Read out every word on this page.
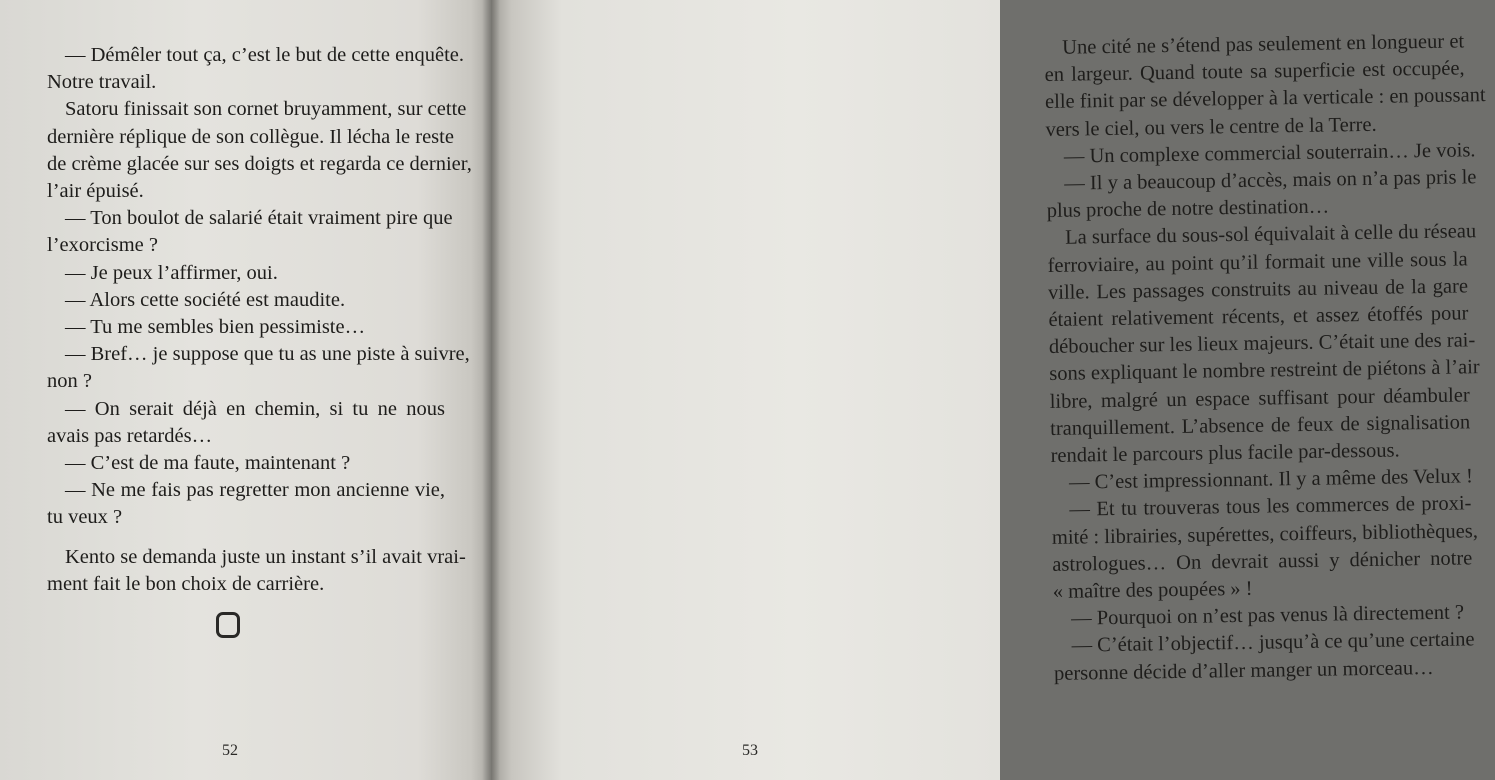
— Démêler tout ça, c’est le but de cette enquête.
Notre travail.
Satoru finissait son cornet bruyamment, sur cette
dernière réplique de son collègue. Il lécha le reste
de crème glacée sur ses doigts et regarda ce dernier,
l’air épuisé.
— Ton boulot de salarié était vraiment pire que
l’exorcisme ?
— Je peux l’affirmer, oui.
— Alors cette société est maudite.
— Tu me sembles bien pessimiste…
— Bref… je suppose que tu as une piste à suivre,
non ?
— On serait déjà en chemin, si tu ne nous
avais pas retardés…
— C’est de ma faute, maintenant ?
— Ne me fais pas regretter mon ancienne vie,
tu veux ?
Kento se demanda juste un instant s’il avait vrai-
ment fait le bon choix de carrière.
52
Une cité ne s’étend pas seulement en longueur et
en largeur. Quand toute sa superficie est occupée,
elle finit par se développer à la verticale : en poussant
vers le ciel, ou vers le centre de la Terre.
— Un complexe commercial souterrain… Je vois.
— Il y a beaucoup d’accès, mais on n’a pas pris le
plus proche de notre destination…
La surface du sous-sol équivalait à celle du réseau
ferroviaire, au point qu’il formait une ville sous la
ville. Les passages construits au niveau de la gare
étaient relativement récents, et assez étoffés pour
déboucher sur les lieux majeurs. C’était une des rai-
sons expliquant le nombre restreint de piétons à l’air
libre, malgré un espace suffisant pour déambuler
tranquillement. L’absence de feux de signalisation
rendait le parcours plus facile par-dessous.
— C’est impressionnant. Il y a même des Velux !
— Et tu trouveras tous les commerces de proxi-
mité : librairies, supérettes, coiffeurs, bibliothèques,
astrologues… On devrait aussi y dénicher notre
« maître des poupées » !
— Pourquoi on n’est pas venus là directement ?
— C’était l’objectif… jusqu’à ce qu’une certaine
personne décide d’aller manger un morceau…
53
